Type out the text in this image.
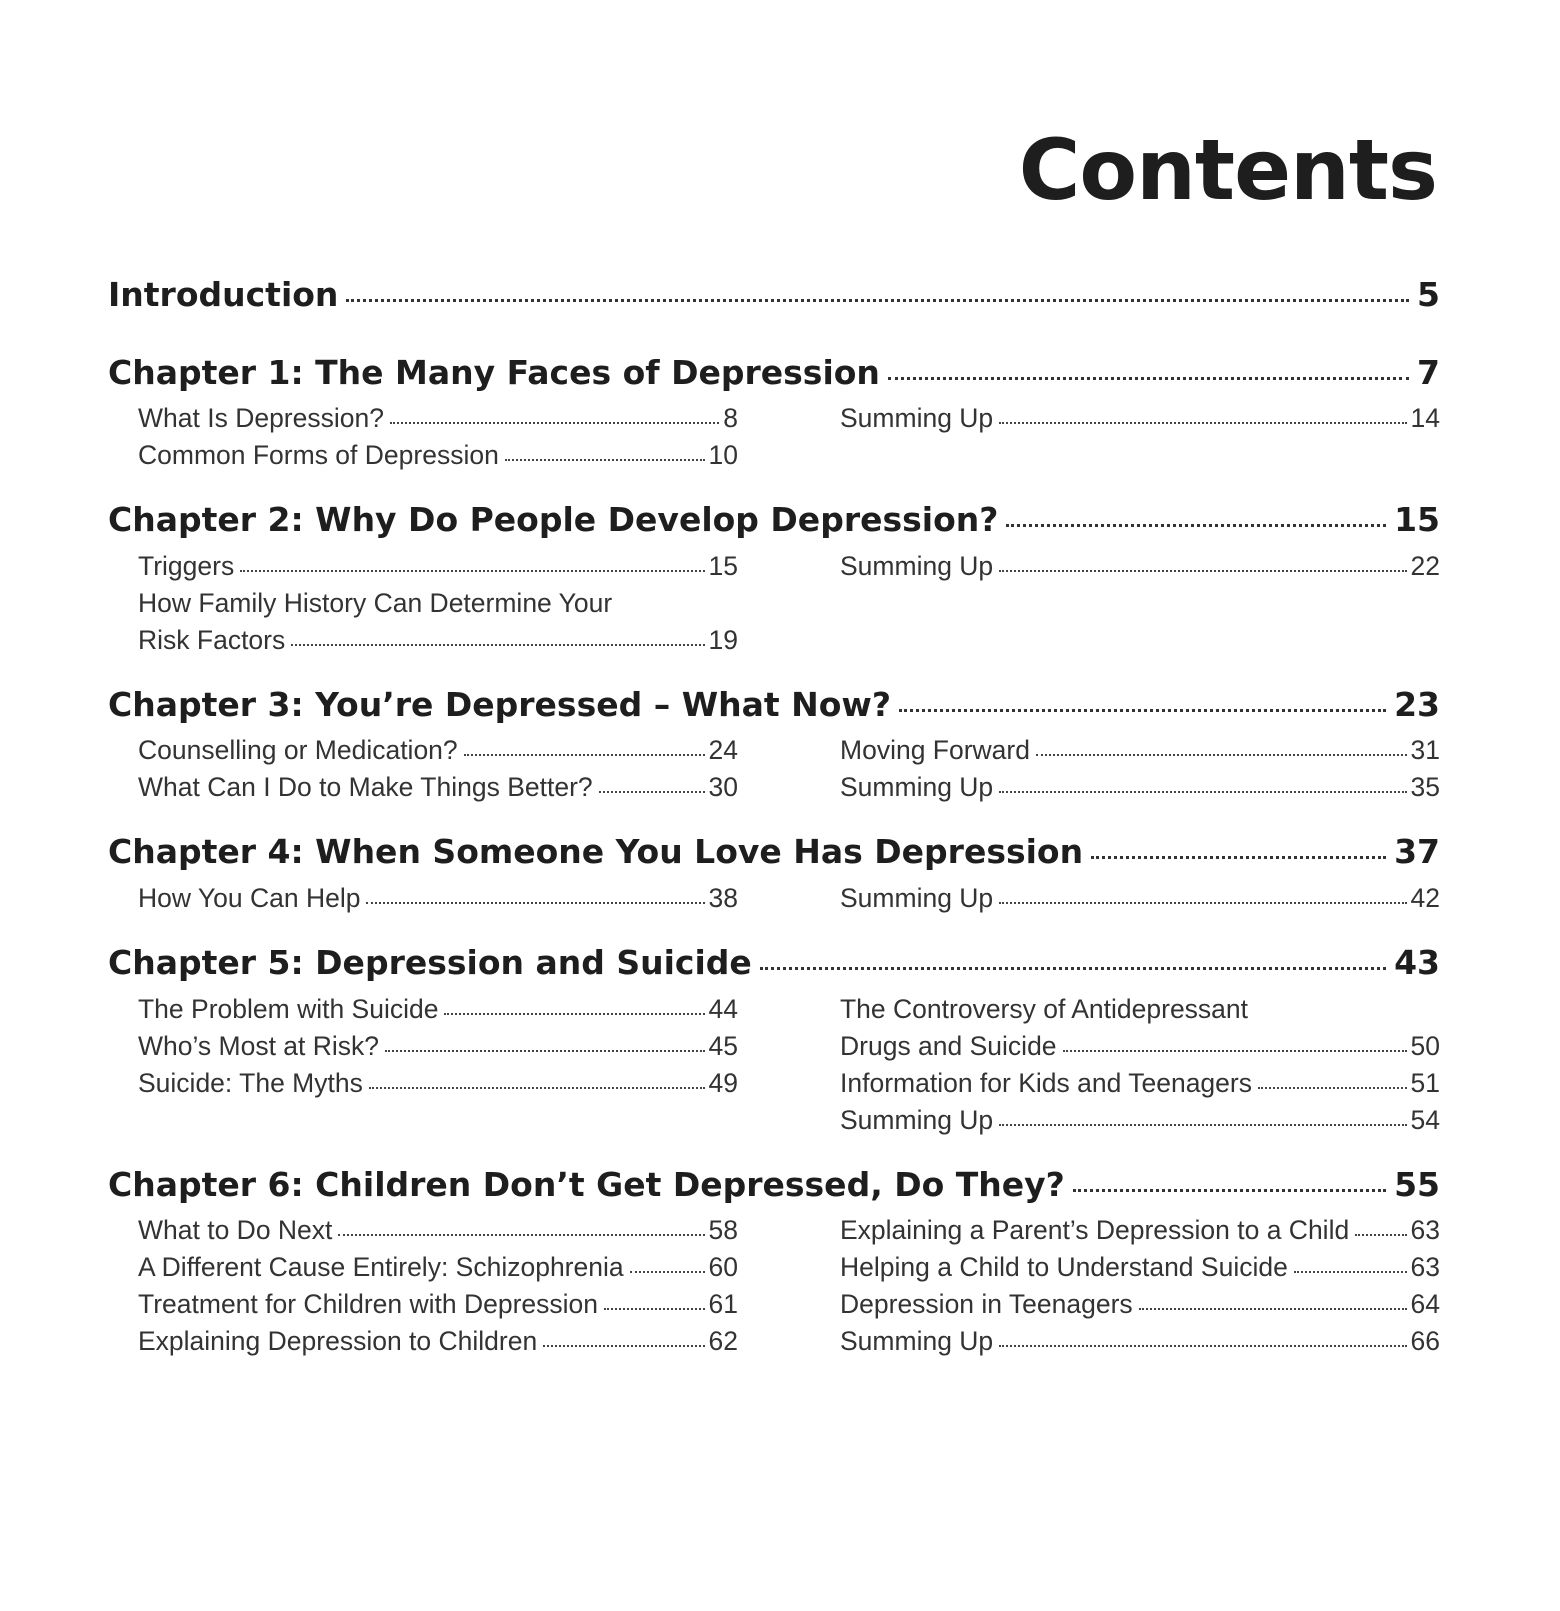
Contents
Introduction	5
Chapter 1: The Many Faces of Depression	7
What Is Depression?	8
Common Forms of Depression	10
Summing Up	14
Chapter 2: Why Do People Develop Depression?	15
Triggers	15
How Family History Can Determine Your
Risk Factors	19
Summing Up	22
Chapter 3: You’re Depressed – What Now?	23
Counselling or Medication?	24
What Can I Do to Make Things Better?	30
Moving Forward	31
Summing Up	35
Chapter 4: When Someone You Love Has Depression	37
How You Can Help	38	Summing Up	42
Chapter 5: Depression and Suicide	43
The Problem with Suicide	44
Who’s Most at Risk?	45
Suicide: The Myths	49
The Controversy of Antidepressant
Drugs and Suicide	50
Information for Kids and Teenagers	51
Summing Up	54
Chapter 6: Children Don’t Get Depressed, Do They?	55
What to Do Next	58
A Different Cause Entirely: Schizophrenia	60
Treatment for Children with Depression	61
Explaining Depression to Children	62
Explaining a Parent’s Depression to a Child 63
Helping a Child to Understand Suicide	63
Depression in Teenagers	64
Summing Up	66
